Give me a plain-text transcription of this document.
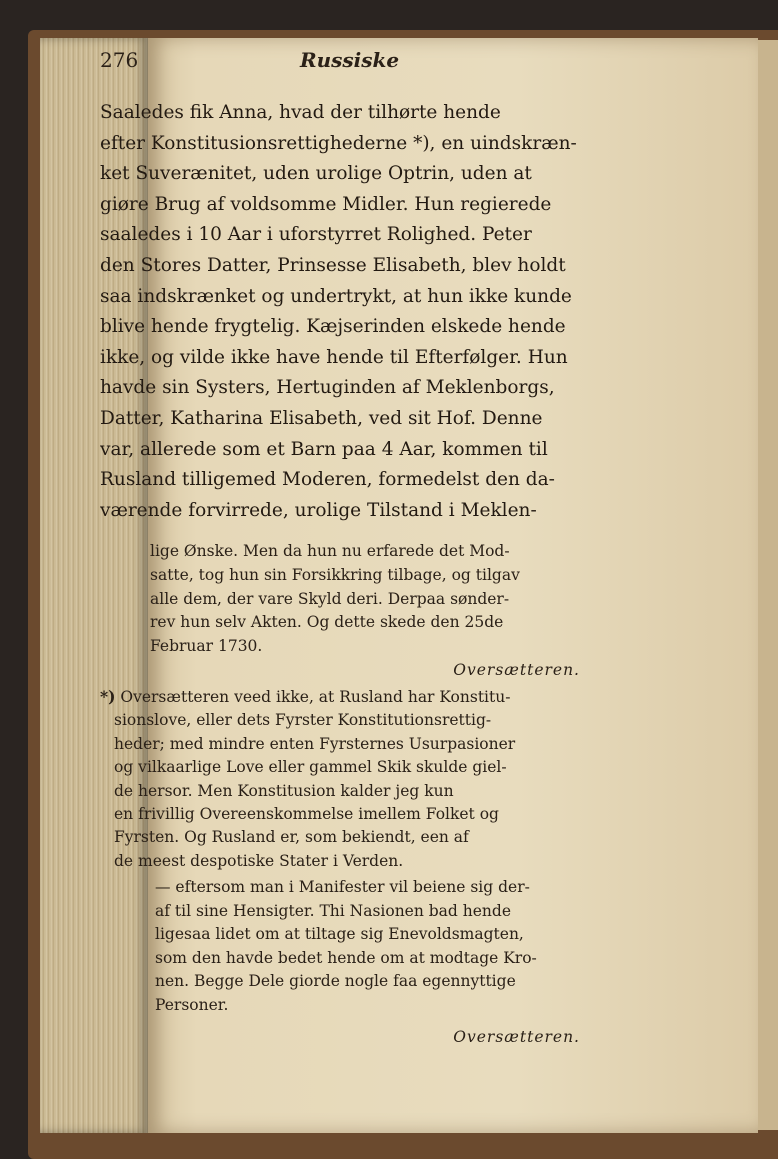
276	Russiske
Saaledes fik Anna, hvad der tilhørte hende
efter Konstitusionsrettighederne *), en uindskræn-
ket Suverænitet, uden urolige Optrin, uden at
giøre Brug af voldsomme Midler. Hun regierede
saaledes i 10 Aar i uforstyrret Rolighed. Peter
den Stores Datter, Prinsesse Elisabeth, blev holdt
saa indskrænket og undertrykt, at hun ikke kunde
blive hende frygtelig. Kæjserinden elskede hende
ikke, og vilde ikke have hende til Efterfølger. Hun
havde sin Systers, Hertuginden af Meklenborgs,
Datter, Katharina Elisabeth, ved sit Hof. Denne
var, allerede som et Barn paa 4 Aar, kommen til
Rusland tilligemed Moderen, formedelst den da-
værende forvirrede, urolige Tilstand i Meklen-
lige Ønske. Men da hun nu erfarede det Mod-
satte, tog hun sin Forsikkring tilbage, og tilgav
alle dem, der vare Skyld deri. Derpaa sønder-
rev hun selv Akten. Og dette skede den 25de
Februar 1730.
Oversætteren.
*) Oversætteren veed ikke, at Rusland har Konstitu-
sionslove, eller dets Fyrster Konstitutionsrettig-
heder; med mindre enten Fyrsternes Usurpasioner
og vilkaarlige Love eller gammel Skik skulde giel-
de hersor. Men Konstitusion kalder jeg kun
en frivillig Overeenskommelse imellem Folket og
Fyrsten. Og Rusland er, som bekiendt, een af
de meest despotiske Stater i Verden.
— eftersom man i Manifester vil beiene sig der-
af til sine Hensigter. Thi Nasionen bad hende
ligesaa lidet om at tiltage sig Enevoldsmagten,
som den havde bedet hende om at modtage Kro-
nen. Begge Dele giorde nogle faa egennyttige
Personer.
Oversætteren.
